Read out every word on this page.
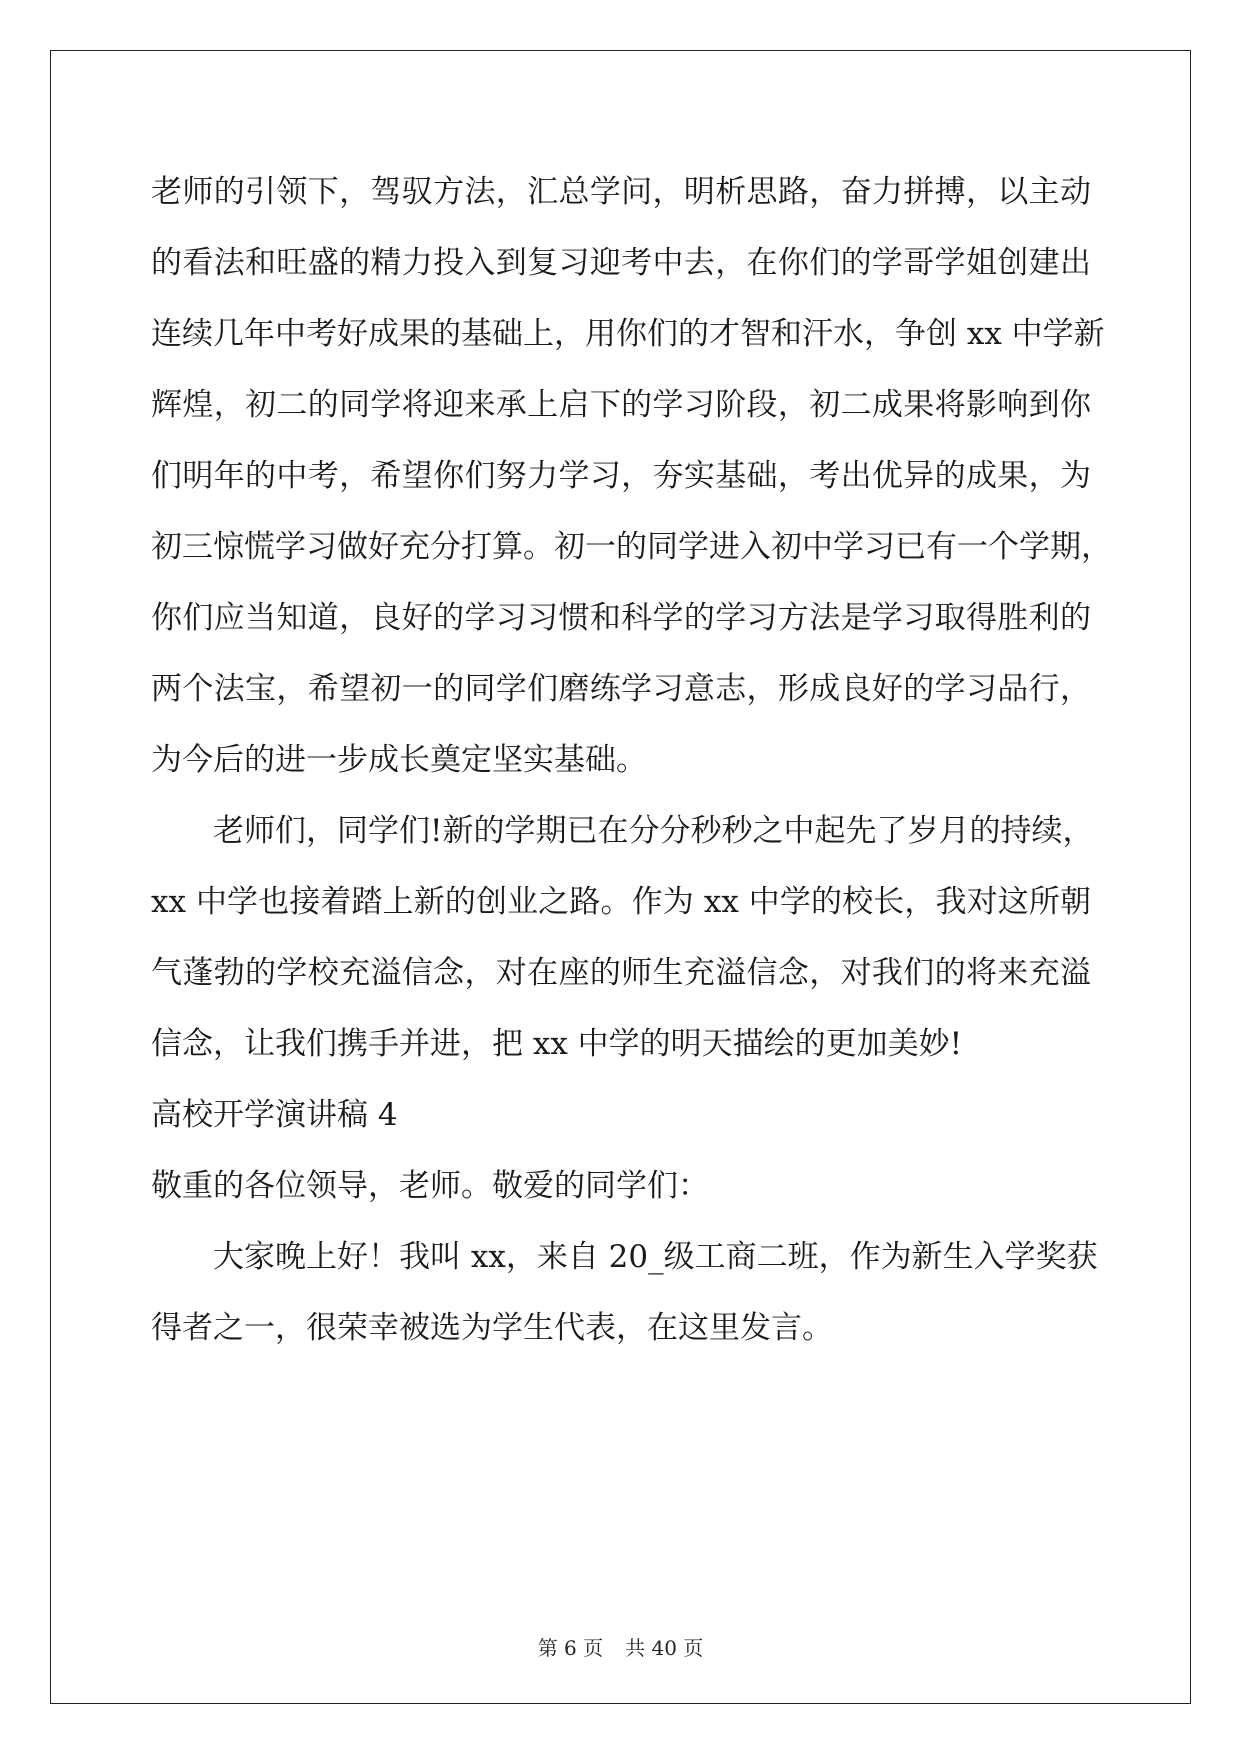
老师的引领下，驾驭方法，汇总学问，明析思路，奋力拼搏，以主动
的看法和旺盛的精力投入到复习迎考中去，在你们的学哥学姐创建出
连续几年中考好成果的基础上，用你们的才智和汗水，争创 xx 中学新
辉煌，初二的同学将迎来承上启下的学习阶段，初二成果将影响到你
们明年的中考，希望你们努力学习，夯实基础，考出优异的成果，为
初三惊慌学习做好充分打算。初一的同学进入初中学习已有一个学期，
你们应当知道，良好的学习习惯和科学的学习方法是学习取得胜利的
两个法宝，希望初一的同学们磨练学习意志，形成良好的学习品行，
为今后的进一步成长奠定坚实基础。
老师们，同学们!新的学期已在分分秒秒之中起先了岁月的持续，
xx 中学也接着踏上新的创业之路。作为 xx 中学的校长，我对这所朝
气蓬勃的学校充溢信念，对在座的师生充溢信念，对我们的将来充溢
信念，让我们携手并进，把 xx 中学的明天描绘的更加美妙!
高校开学演讲稿 4
敬重的各位领导，老师。敬爱的同学们：
大家晚上好！我叫 xx，来自 20_级工商二班，作为新生入学奖获
得者之一，很荣幸被选为学生代表，在这里发言。
第 6 页 共 40 页
